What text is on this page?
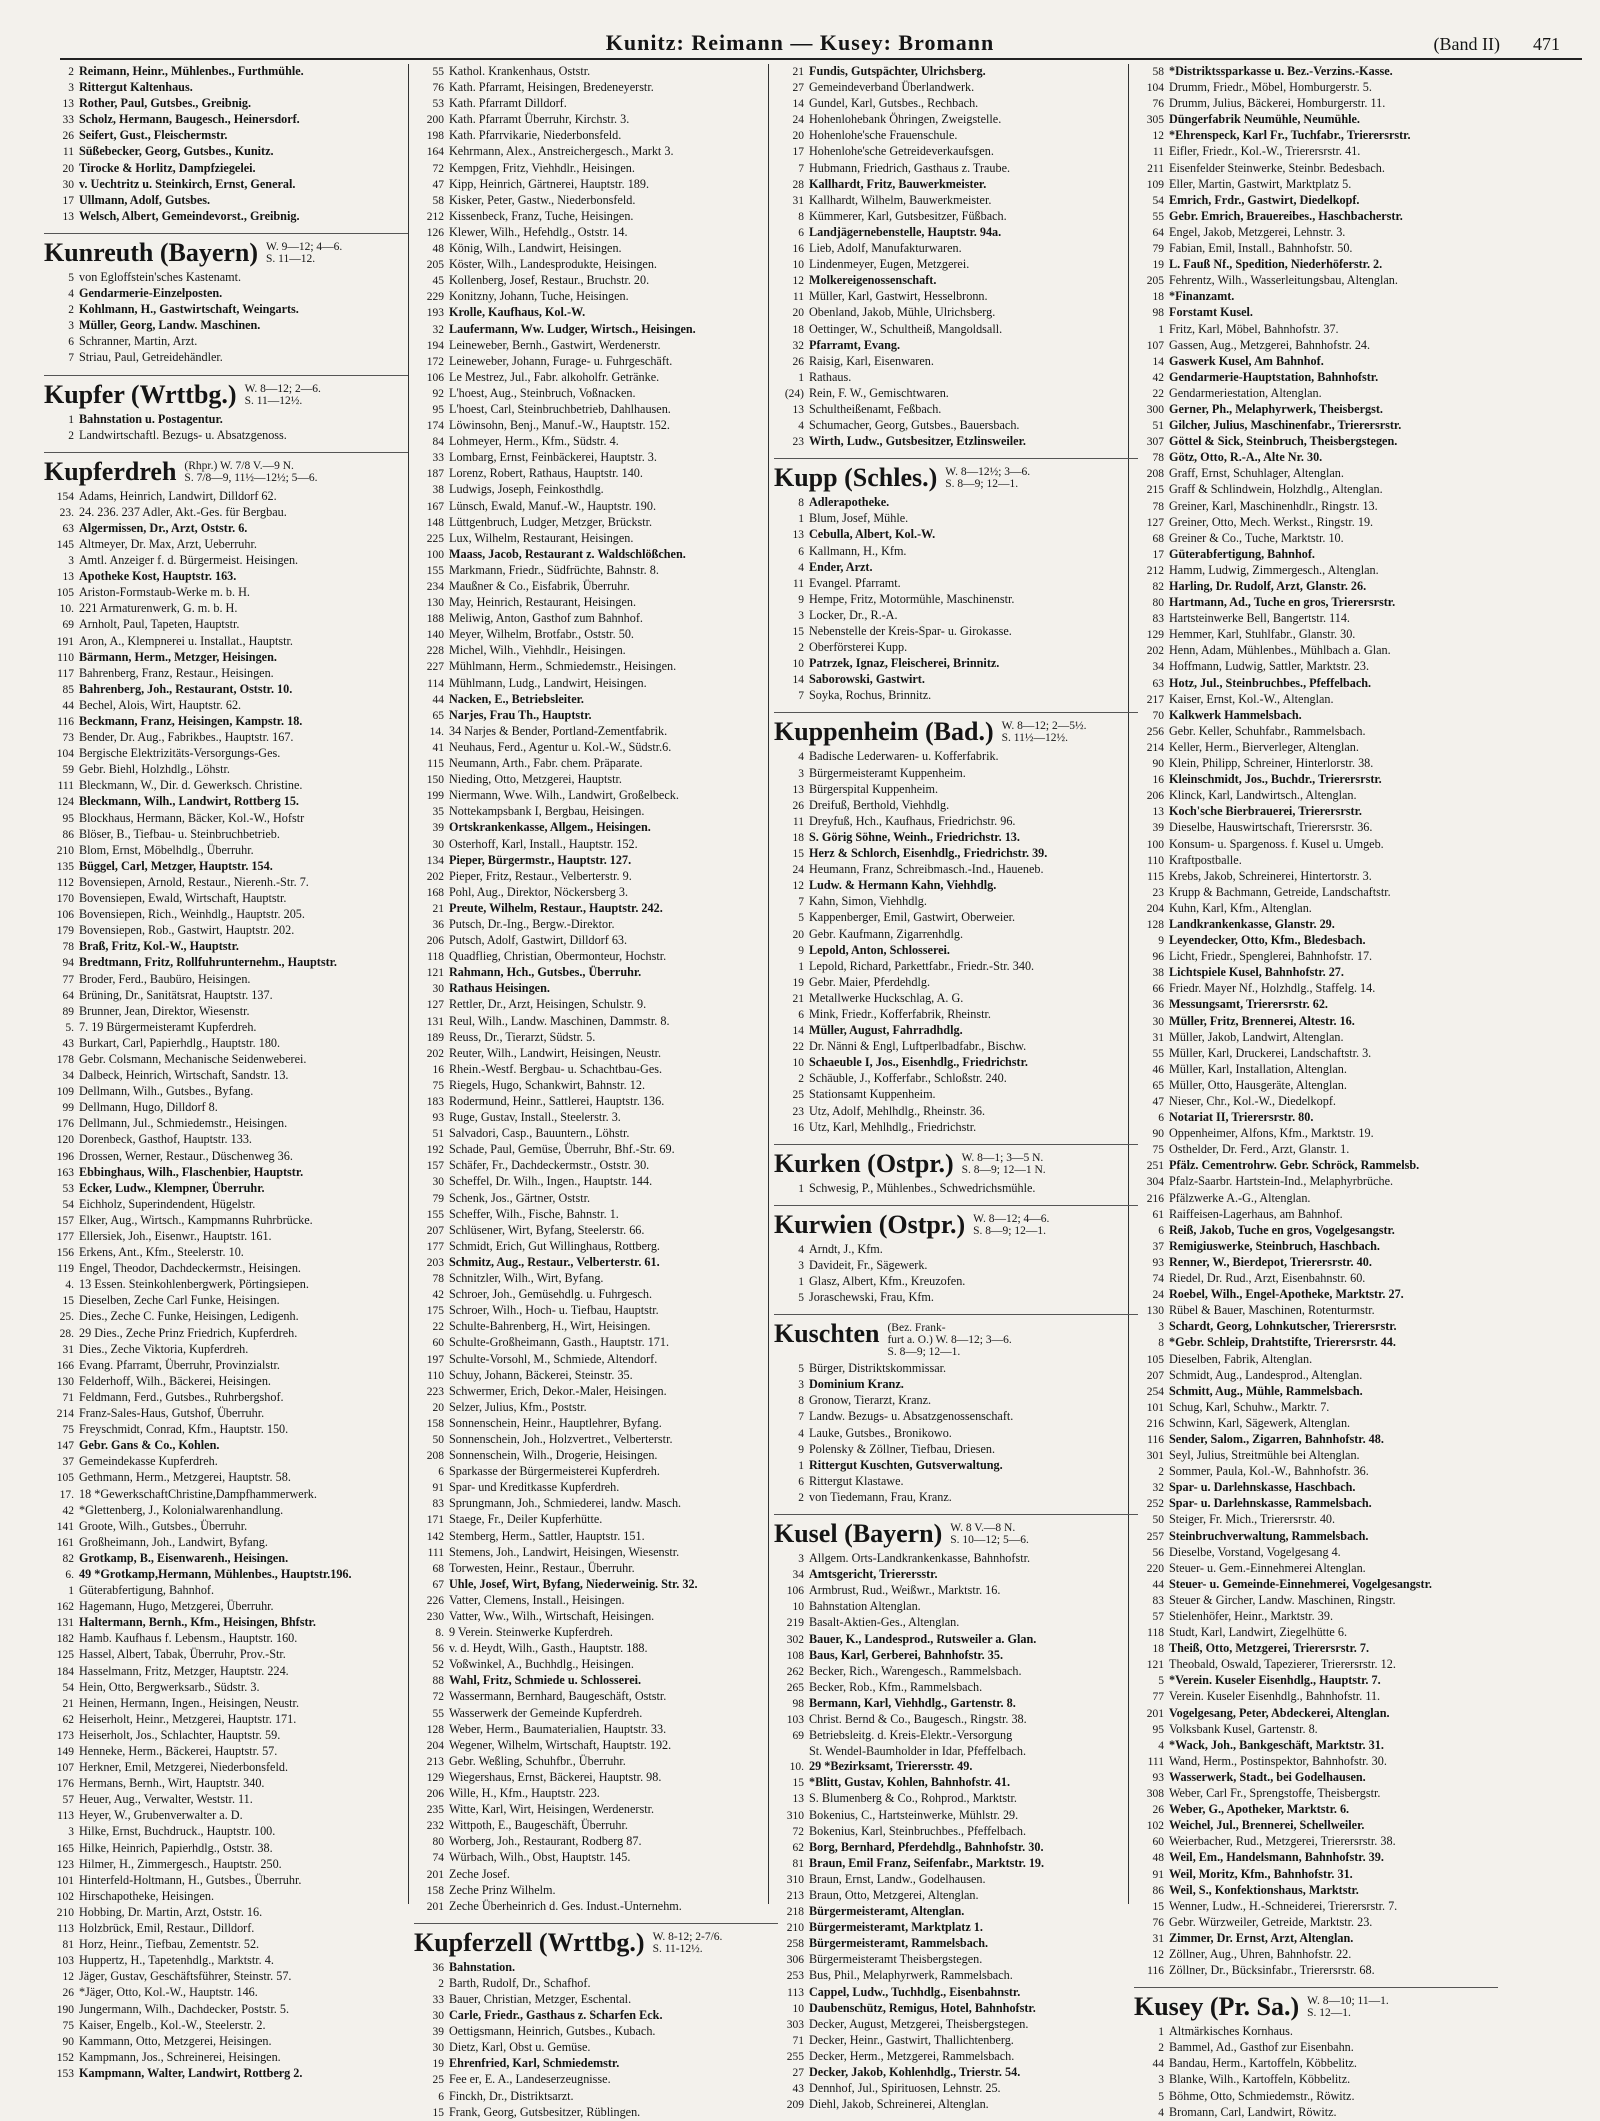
Kunitz: Reimann — Kusey: Bromann	(Band II) 471
2 Reimann, Heinr., Mühlenbes., Furthmühle.
3 Rittergut Kaltenhaus.
13 Rother, Paul, Gutsbes., Greibnig.
33 Scholz, Hermann, Baugesch., Heinersdorf.
26 Seifert, Gust., Fleischermstr.
11 Süßebecker, Georg, Gutsbes., Kunitz.
20 Tirocke & Horlitz, Dampfziegelei.
30 v. Uechtritz u. Steinkirch, Ernst, General.
17 Ullmann, Adolf, Gutsbes.
13 Welsch, Albert, Gemeindevorst., Greibnig.
Kunreuth (Bayern) W. 9—12; 4—6.
S. 11—12.
5 von Egloffstein'sches Kastenamt.
4 Gendarmerie-Einzelposten.
2 Kohlmann, H., Gastwirtschaft, Weingarts.
3 Müller, Georg, Landw. Maschinen.
6 Schranner, Martin, Arzt.
7 Striau, Paul, Getreidehändler.
Kupfer (Wrttbg.) W. 8—12; 2—6.
S. 11—12½.
1 Bahnstation u. Postagentur.
2 Landwirtschaftl. Bezugs- u. Absatzgenoss.
Kupferdreh (Rhpr.) W. 7/8 V.—9 N.
S. 7/8—9, 11½—12½; 5—6.
154 Adams, Heinrich, Landwirt, Dilldorf 62.
23. 24. 236. 237 Adler, Akt.-Ges. für Bergbau.
63 Algermissen, Dr., Arzt, Oststr. 6.
145 Altmeyer, Dr. Max, Arzt, Ueberruhr.
3 Amtl. Anzeiger f. d. Bürgermeist. Heisingen.
13 Apotheke Kost, Hauptstr. 163.
105 Ariston-Formstaub-Werke m. b. H.
10. 221 Armaturenwerk, G. m. b. H.
69 Arnholt, Paul, Tapeten, Hauptstr.
191 Aron, A., Klempnerei u. Installat., Hauptstr.
110 Bärmann, Herm., Metzger, Heisingen.
117 Bahrenberg, Franz, Restaur., Heisingen.
85 Bahrenberg, Joh., Restaurant, Oststr. 10.
44 Bechel, Alois, Wirt, Hauptstr. 62.
116 Beckmann, Franz, Heisingen, Kampstr. 18.
73 Bender, Dr. Aug., Fabrikbes., Hauptstr. 167.
104 Bergische Elektrizitäts-Versorgungs-Ges.
59 Gebr. Biehl, Holzhdlg., Löhstr.
111 Bleckmann, W., Dir. d. Gewerksch. Christine.
124 Bleckmann, Wilh., Landwirt, Rottberg 15.
95 Blockhaus, Hermann, Bäcker, Kol.-W., Hofstr
86 Blöser, B., Tiefbau- u. Steinbruchbetrieb.
210 Blom, Ernst, Möbelhdlg., Überruhr.
135 Büggel, Carl, Metzger, Hauptstr. 154.
112 Bovensiepen, Arnold, Restaur., Nierenh.-Str. 7.
170 Bovensiepen, Ewald, Wirtschaft, Hauptstr.
106 Bovensiepen, Rich., Weinhdlg., Hauptstr. 205.
179 Bovensiepen, Rob., Gastwirt, Hauptstr. 202.
78 Braß, Fritz, Kol.-W., Hauptstr.
94 Bredtmann, Fritz, Rollfuhrunternehm., Hauptstr.
77 Broder, Ferd., Baubüro, Heisingen.
64 Brüning, Dr., Sanitätsrat, Hauptstr. 137.
89 Brunner, Jean, Direktor, Wiesenstr.
5. 7. 19 Bürgermeisteramt Kupferdreh.
43 Burkart, Carl, Papierhdlg., Hauptstr. 180.
178 Gebr. Colsmann, Mechanische Seidenweberei.
34 Dalbeck, Heinrich, Wirtschaft, Sandstr. 13.
109 Dellmann, Wilh., Gutsbes., Byfang.
99 Dellmann, Hugo, Dilldorf 8.
176 Dellmann, Jul., Schmiedemstr., Heisingen.
120 Dorenbeck, Gasthof, Hauptstr. 133.
196 Drossen, Werner, Restaur., Düschenweg 36.
163 Ebbinghaus, Wilh., Flaschenbier, Hauptstr.
53 Ecker, Ludw., Klempner, Überruhr.
54 Eichholz, Superindendent, Hügelstr.
157 Elker, Aug., Wirtsch., Kampmanns Ruhrbrücke.
177 Ellersiek, Joh., Eisenwr., Hauptstr. 161.
156 Erkens, Ant., Kfm., Steelerstr. 10.
119 Engel, Theodor, Dachdeckermstr., Heisingen.
4. 13 Essen. Steinkohlenbergwerk, Pörtingsiepen.
15 Dieselben, Zeche Carl Funke, Heisingen.
25. Dies., Zeche C. Funke, Heisingen, Ledigenh.
28. 29 Dies., Zeche Prinz Friedrich, Kupferdreh.
31 Dies., Zeche Viktoria, Kupferdreh.
166 Evang. Pfarramt, Überruhr, Provinzialstr.
130 Felderhoff, Wilh., Bäckerei, Heisingen.
71 Feldmann, Ferd., Gutsbes., Ruhrbergshof.
214 Franz-Sales-Haus, Gutshof, Überruhr.
75 Freyschmidt, Conrad, Kfm., Hauptstr. 150.
147 Gebr. Gans & Co., Kohlen.
37 Gemeindekasse Kupferdreh.
105 Gethmann, Herm., Metzgerei, Hauptstr. 58.
17. 18 *GewerkschaftChristine,Dampfhammerwerk.
42 *Glettenberg, J., Kolonialwarenhandlung.
141 Groote, Wilh., Gutsbes., Überruhr.
161 Großheimann, Joh., Landwirt, Byfang.
82 Grotkamp, B., Eisenwarenh., Heisingen.
6. 49 *Grotkamp,Hermann, Mühlenbes., Hauptstr.196.
1 Güterabfertigung, Bahnhof.
162 Hagemann, Hugo, Metzgerei, Überruhr.
131 Haltermann, Bernh., Kfm., Heisingen, Bhfstr.
182 Hamb. Kaufhaus f. Lebensm., Hauptstr. 160.
125 Hassel, Albert, Tabak, Überruhr, Prov.-Str.
184 Hasselmann, Fritz, Metzger, Hauptstr. 224.
54 Hein, Otto, Bergwerksarb., Südstr. 3.
21 Heinen, Hermann, Ingen., Heisingen, Neustr.
62 Heiserholt, Heinr., Metzgerei, Hauptstr. 171.
173 Heiserholt, Jos., Schlachter, Hauptstr. 59.
149 Henneke, Herm., Bäckerei, Hauptstr. 57.
107 Herkner, Emil, Metzgerei, Niederbonsfeld.
176 Hermans, Bernh., Wirt, Hauptstr. 340.
57 Heuer, Aug., Verwalter, Weststr. 11.
113 Heyer, W., Grubenverwalter a. D.
3 Hilke, Ernst, Buchdruck., Hauptstr. 100.
165 Hilke, Heinrich, Papierhdlg., Oststr. 38.
123 Hilmer, H., Zimmergesch., Hauptstr. 250.
101 Hinterfeld-Holtmann, H., Gutsbes., Überruhr.
102 Hirschapotheke, Heisingen.
210 Hobbing, Dr. Martin, Arzt, Oststr. 16.
113 Holzbrück, Emil, Restaur., Dilldorf.
81 Horz, Heinr., Tiefbau, Zementstr. 52.
103 Huppertz, H., Tapetenhdlg., Marktstr. 4.
12 Jäger, Gustav, Geschäftsführer, Steinstr. 57.
26 *Jäger, Otto, Kol.-W., Hauptstr. 146.
190 Jungermann, Wilh., Dachdecker, Poststr. 5.
75 Kaiser, Engelb., Kol.-W., Steelerstr. 2.
90 Kammann, Otto, Metzgerei, Heisingen.
152 Kampmann, Jos., Schreinerei, Heisingen.
153 Kampmann, Walter, Landwirt, Rottberg 2.
55 Kathol. Krankenhaus, Oststr.
76 Kath. Pfarramt, Heisingen, Bredeneyerstr.
53 Kath. Pfarramt Dilldorf.
200 Kath. Pfarramt Überruhr, Kirchstr. 3.
198 Kath. Pfarrvikarie, Niederbonsfeld.
164 Kehrmann, Alex., Anstreichergesch., Markt 3.
72 Kempgen, Fritz, Viehhdlr., Heisingen.
47 Kipp, Heinrich, Gärtnerei, Hauptstr. 189.
58 Kisker, Peter, Gastw., Niederbonsfeld.
212 Kissenbeck, Franz, Tuche, Heisingen.
126 Klewer, Wilh., Hefehdlg., Oststr. 14.
48 König, Wilh., Landwirt, Heisingen.
205 Köster, Wilh., Landesprodukte, Heisingen.
45 Kollenberg, Josef, Restaur., Bruchstr. 20.
229 Konitzny, Johann, Tuche, Heisingen.
193 Krolle, Kaufhaus, Kol.-W.
32 Laufermann, Ww. Ludger, Wirtsch., Heisingen.
194 Leineweber, Bernh., Gastwirt, Werdenerstr.
172 Leineweber, Johann, Furage- u. Fuhrgeschäft.
106 Le Mestrez, Jul., Fabr. alkoholfr. Getränke.
92 L'hoest, Aug., Steinbruch, Voßnacken.
95 L'hoest, Carl, Steinbruchbetrieb, Dahlhausen.
174 Löwinsohn, Benj., Manuf.-W., Hauptstr. 152.
84 Lohmeyer, Herm., Kfm., Südstr. 4.
33 Lombarg, Ernst, Feinbäckerei, Hauptstr. 3.
187 Lorenz, Robert, Rathaus, Hauptstr. 140.
38 Ludwigs, Joseph, Feinkosthdlg.
167 Lünsch, Ewald, Manuf.-W., Hauptstr. 190.
148 Lüttgenbruch, Ludger, Metzger, Brückstr.
225 Lux, Wilhelm, Restaurant, Heisingen.
100 Maass, Jacob, Restaurant z. Waldschlößchen.
155 Markmann, Friedr., Südfrüchte, Bahnstr. 8.
234 Maußner & Co., Eisfabrik, Überruhr.
130 May, Heinrich, Restaurant, Heisingen.
188 Meliwig, Anton, Gasthof zum Bahnhof.
140 Meyer, Wilhelm, Brotfabr., Oststr. 50.
228 Michel, Wilh., Viehhdlr., Heisingen.
227 Mühlmann, Herm., Schmiedemstr., Heisingen.
114 Mühlmann, Ludg., Landwirt, Heisingen.
44 Nacken, E., Betriebsleiter.
65 Narjes, Frau Th., Hauptstr.
14. 34 Narjes & Bender, Portland-Zementfabrik.
41 Neuhaus, Ferd., Agentur u. Kol.-W., Südstr.6.
115 Neumann, Arth., Fabr. chem. Präparate.
150 Nieding, Otto, Metzgerei, Hauptstr.
199 Niermann, Wwe. Wilh., Landwirt, Großelbeck.
35 Nottekampsbank I, Bergbau, Heisingen.
39 Ortskrankenkasse, Allgem., Heisingen.
30 Osterhoff, Karl, Install., Hauptstr. 152.
134 Pieper, Bürgermstr., Hauptstr. 127.
202 Pieper, Fritz, Restaur., Velberterstr. 9.
168 Pohl, Aug., Direktor, Nöckersberg 3.
21 Preute, Wilhelm, Restaur., Hauptstr. 242.
36 Putsch, Dr.-Ing., Bergw.-Direktor.
206 Putsch, Adolf, Gastwirt, Dilldorf 63.
118 Quadflieg, Christian, Obermonteur, Hochstr.
121 Rahmann, Hch., Gutsbes., Überruhr.
30 Rathaus Heisingen.
127 Rettler, Dr., Arzt, Heisingen, Schulstr. 9.
131 Reul, Wilh., Landw. Maschinen, Dammstr. 8.
189 Reuss, Dr., Tierarzt, Südstr. 5.
202 Reuter, Wilh., Landwirt, Heisingen, Neustr.
16 Rhein.-Westf. Bergbau- u. Schachtbau-Ges.
75 Riegels, Hugo, Schankwirt, Bahnstr. 12.
183 Rodermund, Heinr., Sattlerei, Hauptstr. 136.
93 Ruge, Gustav, Install., Steelerstr. 3.
51 Salvadori, Casp., Bauuntern., Löhstr.
192 Schade, Paul, Gemüse, Überruhr, Bhf.-Str. 69.
157 Schäfer, Fr., Dachdeckermstr., Oststr. 30.
30 Scheffel, Dr. Wilh., Ingen., Hauptstr. 144.
79 Schenk, Jos., Gärtner, Oststr.
155 Scheffer, Wilh., Fische, Bahnstr. 1.
207 Schlüsener, Wirt, Byfang, Steelerstr. 66.
177 Schmidt, Erich, Gut Willinghaus, Rottberg.
203 Schmitz, Aug., Restaur., Velberterstr. 61.
78 Schnitzler, Wilh., Wirt, Byfang.
42 Schroer, Joh., Gemüsehdlg. u. Fuhrgesch.
175 Schroer, Wilh., Hoch- u. Tiefbau, Hauptstr.
22 Schulte-Bahrenberg, H., Wirt, Heisingen.
60 Schulte-Großheimann, Gasth., Hauptstr. 171.
197 Schulte-Vorsohl, M., Schmiede, Altendorf.
110 Schuy, Johann, Bäckerei, Steinstr. 35.
223 Schwermer, Erich, Dekor.-Maler, Heisingen.
20 Selzer, Julius, Kfm., Poststr.
158 Sonnenschein, Heinr., Hauptlehrer, Byfang.
50 Sonnenschein, Joh., Holzvertret., Velberterstr.
208 Sonnenschein, Wilh., Drogerie, Heisingen.
6 Sparkasse der Bürgermeisterei Kupferdreh.
91 Spar- und Kreditkasse Kupferdreh.
83 Sprungmann, Joh., Schmiederei, landw. Masch.
171 Staege, Fr., Deiler Kupferhütte.
142 Stemberg, Herm., Sattler, Hauptstr. 151.
111 Stemens, Joh., Landwirt, Heisingen, Wiesenstr.
68 Torwesten, Heinr., Restaur., Überruhr.
67 Uhle, Josef, Wirt, Byfang, Niederweinig. Str. 32.
226 Vatter, Clemens, Install., Heisingen.
230 Vatter, Ww., Wilh., Wirtschaft, Heisingen.
8. 9 Verein. Steinwerke Kupferdreh.
56 v. d. Heydt, Wilh., Gasth., Hauptstr. 188.
52 Voßwinkel, A., Buchhdlg., Heisingen.
88 Wahl, Fritz, Schmiede u. Schlosserei.
72 Wassermann, Bernhard, Baugeschäft, Oststr.
55 Wasserwerk der Gemeinde Kupferdreh.
128 Weber, Herm., Baumaterialien, Hauptstr. 33.
204 Wegener, Wilhelm, Wirtschaft, Hauptstr. 192.
213 Gebr. Weßling, Schuhfbr., Überruhr.
129 Wiegershaus, Ernst, Bäckerei, Hauptstr. 98.
206 Wille, H., Kfm., Hauptstr. 223.
235 Witte, Karl, Wirt, Heisingen, Werdenerstr.
232 Wittpoth, E., Baugeschäft, Überruhr.
80 Worberg, Joh., Restaurant, Rodberg 87.
74 Würbach, Wilh., Obst, Hauptstr. 145.
201 Zeche Josef.
158 Zeche Prinz Wilhelm.
201 Zeche Überheinrich d. Ges. Indust.-Unternehm.
Kupferzell (Wrttbg.) W. 8-12; 2-7/6.
S. 11-12½.
36 Bahnstation.
2 Barth, Rudolf, Dr., Schafhof.
33 Bauer, Christian, Metzger, Eschental.
30 Carle, Friedr., Gasthaus z. Scharfen Eck.
39 Oettigsmann, Heinrich, Gutsbes., Kubach.
30 Dietz, Karl, Obst u. Gemüse.
19 Ehrenfried, Karl, Schmiedemstr.
25 Fee er, E. A., Landeserzeugnisse.
6 Finckh, Dr., Distriktsarzt.
15 Frank, Georg, Gutsbesitzer, Rüblingen.
21 Fundis, Gutspächter, Ulrichsberg.
27 Gemeindeverband Überlandwerk.
14 Gundel, Karl, Gutsbes., Rechbach.
24 Hohenlohebank Öhringen, Zweigstelle.
20 Hohenlohe'sche Frauenschule.
17 Hohenlohe'sche Getreideverkaufsgen.
7 Hubmann, Friedrich, Gasthaus z. Traube.
28 Kallhardt, Fritz, Bauwerkmeister.
31 Kallhardt, Wilhelm, Bauwerkmeister.
8 Kümmerer, Karl, Gutsbesitzer, Füßbach.
6 Landjägernebenstelle, Hauptstr. 94a.
16 Lieb, Adolf, Manufakturwaren.
10 Lindenmeyer, Eugen, Metzgerei.
12 Molkereigenossenschaft.
11 Müller, Karl, Gastwirt, Hesselbronn.
20 Obenland, Jakob, Mühle, Ulrichsberg.
18 Oettinger, W., Schultheiß, Mangoldsall.
32 Pfarramt, Evang.
26 Raisig, Karl, Eisenwaren.
1 Rathaus.
(24) Rein, F. W., Gemischtwaren.
13 Schultheißenamt, Feßbach.
4 Schumacher, Georg, Gutsbes., Bauersbach.
23 Wirth, Ludw., Gutsbesitzer, Etzlinsweiler.
Kupp (Schles.) W. 8—12½; 3—6.
S. 8—9; 12—1.
8 Adlerapotheke.
1 Blum, Josef, Mühle.
13 Cebulla, Albert, Kol.-W.
6 Kallmann, H., Kfm.
4 Ender, Arzt.
11 Evangel. Pfarramt.
9 Hempe, Fritz, Motormühle, Maschinenstr.
3 Locker, Dr., R.-A.
15 Nebenstelle der Kreis-Spar- u. Girokasse.
2 Oberförsterei Kupp.
10 Patrzek, Ignaz, Fleischerei, Brinnitz.
14 Saborowski, Gastwirt.
7 Soyka, Rochus, Brinnitz.
Kuppenheim (Bad.) W. 8—12; 2—5½.
S. 11½—12½.
4 Badische Lederwaren- u. Kofferfabrik.
3 Bürgermeisteramt Kuppenheim.
13 Bürgerspital Kuppenheim.
26 Dreifuß, Berthold, Viehhdlg.
11 Dreyfuß, Hch., Kaufhaus, Friedrichstr. 96.
18 S. Görig Söhne, Weinh., Friedrichstr. 13.
15 Herz & Schlorch, Eisenhdlg., Friedrichstr. 39.
24 Heumann, Franz, Schreibmasch.-Ind., Haueneb.
12 Ludw. & Hermann Kahn, Viehhdlg.
7 Kahn, Simon, Viehhdlg.
5 Kappenberger, Emil, Gastwirt, Oberweier.
20 Gebr. Kaufmann, Zigarrenhdlg.
9 Lepold, Anton, Schlosserei.
1 Lepold, Richard, Parkettfabr., Friedr.-Str. 340.
19 Gebr. Maier, Pferdehdlg.
21 Metallwerke Huckschlag, A. G.
6 Mink, Friedr., Kofferfabrik, Rheinstr.
14 Müller, August, Fahrradhdlg.
22 Dr. Nänni & Engl, Luftperlbadfabr., Bischw.
10 Schaeuble I, Jos., Eisenhdlg., Friedrichstr.
2 Schäuble, J., Kofferfabr., Schloßstr. 240.
25 Stationsamt Kuppenheim.
23 Utz, Adolf, Mehlhdlg., Rheinstr. 36.
16 Utz, Karl, Mehlhdlg., Friedrichstr.
Kurken (Ostpr.) W. 8—1; 3—5 N.
S. 8—9; 12—1 N.
1 Schwesig, P., Mühlenbes., Schwedrichsmühle.
Kurwien (Ostpr.) W. 8—12; 4—6.
S. 8—9; 12—1.
4 Arndt, J., Kfm.
3 Davideit, Fr., Sägewerk.
1 Glasz, Albert, Kfm., Kreuzofen.
5 Joraschewski, Frau, Kfm.
Kuschten (Bez. Frank-
furt a. O.) W. 8—12; 3—6.
S. 8—9; 12—1.
5 Bürger, Distriktskommissar.
3 Dominium Kranz.
8 Gronow, Tierarzt, Kranz.
7 Landw. Bezugs- u. Absatzgenossenschaft.
4 Lauke, Gutsbes., Bronikowo.
9 Polensky & Zöllner, Tiefbau, Driesen.
1 Rittergut Kuschten, Gutsverwaltung.
6 Rittergut Klastawe.
2 von Tiedemann, Frau, Kranz.
Kusel (Bayern) W. 8 V.—8 N.
S. 10—12; 5—6.
3 Allgem. Orts-Landkrankenkasse, Bahnhofstr.
34 Amtsgericht, Trierersstr.
106 Armbrust, Rud., Weißwr., Marktstr. 16.
10 Bahnstation Altenglan.
219 Basalt-Aktien-Ges., Altenglan.
302 Bauer, K., Landesprod., Rutsweiler a. Glan.
108 Baus, Karl, Gerberei, Bahnhofstr. 35.
262 Becker, Rich., Warengesch., Rammelsbach.
265 Becker, Rob., Kfm., Rammelsbach.
98 Bermann, Karl, Viehhdlg., Gartenstr. 8.
103 Christ. Bernd & Co., Baugesch., Ringstr. 38.
69 Betriebsleitg. d. Kreis-Elektr.-Versorgung
St. Wendel-Baumholder in Idar, Pfeffelbach.
10. 29 *Bezirksamt, Trierersstr. 49.
15 *Blitt, Gustav, Kohlen, Bahnhofstr. 41.
13 S. Blumenberg & Co., Rohprod., Marktstr.
310 Bokenius, C., Hartsteinwerke, Mühlstr. 29.
72 Bokenius, Karl, Steinbruchbes., Pfeffelbach.
62 Borg, Bernhard, Pferdehdlg., Bahnhofstr. 30.
81 Braun, Emil Franz, Seifenfabr., Marktstr. 19.
310 Braun, Ernst, Landw., Godelhausen.
213 Braun, Otto, Metzgerei, Altenglan.
218 Bürgermeisteramt, Altenglan.
210 Bürgermeisteramt, Marktplatz 1.
258 Bürgermeisteramt, Rammelsbach.
306 Bürgermeisteramt Theisbergstegen.
253 Bus, Phil., Melaphyrwerk, Rammelsbach.
113 Cappel, Ludw., Tuchhdlg., Eisenbahnstr.
10 Daubenschütz, Remigus, Hotel, Bahnhofstr.
303 Decker, August, Metzgerei, Theisbergstegen.
71 Decker, Heinr., Gastwirt, Thallichtenberg.
255 Decker, Herm., Metzgerei, Rammelsbach.
27 Decker, Jakob, Kohlenhdlg., Trierstr. 54.
43 Dennhof, Jul., Spirituosen, Lehnstr. 25.
209 Diehl, Jakob, Schreinerei, Altenglan.
58 *Distriktssparkasse u. Bez.-Verzins.-Kasse.
104 Drumm, Friedr., Möbel, Homburgerstr. 5.
76 Drumm, Julius, Bäckerei, Homburgerstr. 11.
305 Düngerfabrik Neumühle, Neumühle.
12 *Ehrenspeck, Karl Fr., Tuchfabr., Trierersrstr.
11 Eifler, Friedr., Kol.-W., Trierersrstr. 41.
211 Eisenfelder Steinwerke, Steinbr. Bedesbach.
109 Eller, Martin, Gastwirt, Marktplatz 5.
54 Emrich, Frdr., Gastwirt, Diedelkopf.
55 Gebr. Emrich, Brauereibes., Haschbacherstr.
64 Engel, Jakob, Metzgerei, Lehnstr. 3.
79 Fabian, Emil, Install., Bahnhofstr. 50.
19 L. Fauß Nf., Spedition, Niederhöferstr. 2.
205 Fehrentz, Wilh., Wasserleitungsbau, Altenglan.
18 *Finanzamt.
98 Forstamt Kusel.
1 Fritz, Karl, Möbel, Bahnhofstr. 37.
107 Gassen, Aug., Metzgerei, Bahnhofstr. 24.
14 Gaswerk Kusel, Am Bahnhof.
42 Gendarmerie-Hauptstation, Bahnhofstr.
22 Gendarmeriestation, Altenglan.
300 Gerner, Ph., Melaphyrwerk, Theisbergst.
51 Gilcher, Julius, Maschinenfabr., Trierersrstr.
307 Göttel & Sick, Steinbruch, Theisbergstegen.
78 Götz, Otto, R.-A., Alte Nr. 30.
208 Graff, Ernst, Schuhlager, Altenglan.
215 Graff & Schlindwein, Holzhdlg., Altenglan.
78 Greiner, Karl, Maschinenhdlr., Ringstr. 13.
127 Greiner, Otto, Mech. Werkst., Ringstr. 19.
68 Greiner & Co., Tuche, Marktstr. 10.
17 Güterabfertigung, Bahnhof.
212 Hamm, Ludwig, Zimmergesch., Altenglan.
82 Harling, Dr. Rudolf, Arzt, Glanstr. 26.
80 Hartmann, Ad., Tuche en gros, Trierersrstr.
83 Hartsteinwerke Bell, Bangertstr. 114.
129 Hemmer, Karl, Stuhlfabr., Glanstr. 30.
202 Henn, Adam, Mühlenbes., Mühlbach a. Glan.
34 Hoffmann, Ludwig, Sattler, Marktstr. 23.
63 Hotz, Jul., Steinbruchbes., Pfeffelbach.
217 Kaiser, Ernst, Kol.-W., Altenglan.
70 Kalkwerk Hammelsbach.
256 Gebr. Keller, Schuhfabr., Rammelsbach.
214 Keller, Herm., Bierverleger, Altenglan.
90 Klein, Philipp, Schreiner, Hinterlorstr. 38.
16 Kleinschmidt, Jos., Buchdr., Trierersrstr.
206 Klinck, Karl, Landwirtsch., Altenglan.
13 Koch'sche Bierbrauerei, Trierersrstr.
39 Dieselbe, Hauswirtschaft, Trierersrstr. 36.
100 Konsum- u. Spargenoss. f. Kusel u. Umgeb.
110 Kraftpostballe.
115 Krebs, Jakob, Schreinerei, Hintertorstr. 3.
23 Krupp & Bachmann, Getreide, Landschaftstr.
204 Kuhn, Karl, Kfm., Altenglan.
128 Landkrankenkasse, Glanstr. 29.
9 Leyendecker, Otto, Kfm., Bledesbach.
96 Licht, Friedr., Spenglerei, Bahnhofstr. 17.
38 Lichtspiele Kusel, Bahnhofstr. 27.
66 Friedr. Mayer Nf., Holzhdlg., Staffelg. 14.
36 Messungsamt, Trierersrstr. 62.
30 Müller, Fritz, Brennerei, Altestr. 16.
31 Müller, Jakob, Landwirt, Altenglan.
55 Müller, Karl, Druckerei, Landschaftstr. 3.
46 Müller, Karl, Installation, Altenglan.
65 Müller, Otto, Hausgeräte, Altenglan.
47 Nieser, Chr., Kol.-W., Diedelkopf.
6 Notariat II, Trierersrstr. 80.
90 Oppenheimer, Alfons, Kfm., Marktstr. 19.
75 Osthelder, Dr. Ferd., Arzt, Glanstr. 1.
251 Pfälz. Cementrohrw. Gebr. Schröck, Rammelsb.
304 Pfalz-Saarbr. Hartstein-Ind., Melaphyrbrüche.
216 Pfälzwerke A.-G., Altenglan.
61 Raiffeisen-Lagerhaus, am Bahnhof.
6 Reiß, Jakob, Tuche en gros, Vogelgesangstr.
37 Remigiuswerke, Steinbruch, Haschbach.
93 Renner, W., Bierdepot, Trierersrstr. 40.
74 Riedel, Dr. Rud., Arzt, Eisenbahnstr. 60.
24 Roebel, Wilh., Engel-Apotheke, Marktstr. 27.
130 Rübel & Bauer, Maschinen, Rotenturmstr.
3 Schardt, Georg, Lohnkutscher, Trierersrstr.
8 *Gebr. Schleip, Drahtstifte, Trierersrstr. 44.
105 Dieselben, Fabrik, Altenglan.
207 Schmidt, Aug., Landesprod., Altenglan.
254 Schmitt, Aug., Mühle, Rammelsbach.
101 Schug, Karl, Schuhw., Marktr. 7.
216 Schwinn, Karl, Sägewerk, Altenglan.
116 Sender, Salom., Zigarren, Bahnhofstr. 48.
301 Seyl, Julius, Streitmühle bei Altenglan.
2 Sommer, Paula, Kol.-W., Bahnhofstr. 36.
32 Spar- u. Darlehnskasse, Haschbach.
252 Spar- u. Darlehnskasse, Rammelsbach.
50 Steiger, Fr. Mich., Trierersrstr. 40.
257 Steinbruchverwaltung, Rammelsbach.
56 Dieselbe, Vorstand, Vogelgesang 4.
220 Steuer- u. Gem.-Einnehmerei Altenglan.
44 Steuer- u. Gemeinde-Einnehmerei, Vogelgesangstr.
83 Steuer & Gircher, Landw. Maschinen, Ringstr.
57 Stielenhöfer, Heinr., Marktstr. 39.
118 Studt, Karl, Landwirt, Ziegelhütte 6.
18 Theiß, Otto, Metzgerei, Trierersrstr. 7.
121 Theobald, Oswald, Tapezierer, Trierersrstr. 12.
5 *Verein. Kuseler Eisenhdlg., Hauptstr. 7.
77 Verein. Kuseler Eisenhdlg., Bahnhofstr. 11.
201 Vogelgesang, Peter, Abdeckerei, Altenglan.
95 Volksbank Kusel, Gartenstr. 8.
4 *Wack, Joh., Bankgeschäft, Marktstr. 31.
111 Wand, Herm., Postinspektor, Bahnhofstr. 30.
93 Wasserwerk, Stadt., bei Godelhausen.
308 Weber, Carl Fr., Sprengstoffe, Theisbergstr.
26 Weber, G., Apotheker, Marktstr. 6.
102 Weichel, Jul., Brennerei, Schellweiler.
60 Weierbacher, Rud., Metzgerei, Trierersrstr. 38.
48 Weil, Em., Handelsmann, Bahnhofstr. 39.
91 Weil, Moritz, Kfm., Bahnhofstr. 31.
86 Weil, S., Konfektionshaus, Marktstr.
15 Wenner, Ludw., H.-Schneiderei, Trierersrstr. 7.
76 Gebr. Würzweiler, Getreide, Marktstr. 23.
31 Zimmer, Dr. Ernst, Arzt, Altenglan.
12 Zöllner, Aug., Uhren, Bahnhofstr. 22.
116 Zöllner, Dr., Bücksinfabr., Trierersrstr. 68.
Kusey (Pr. Sa.) W. 8—10; 11—1.
S. 12—1.
1 Altmärkisches Kornhaus.
2 Bammel, Ad., Gasthof zur Eisenbahn.
44 Bandau, Herm., Kartoffeln, Köbbelitz.
3 Blanke, Wilh., Kartoffeln, Köbbelitz.
5 Böhme, Otto, Schmiedemstr., Röwitz.
4 Bromann, Carl, Landwirt, Röwitz.
